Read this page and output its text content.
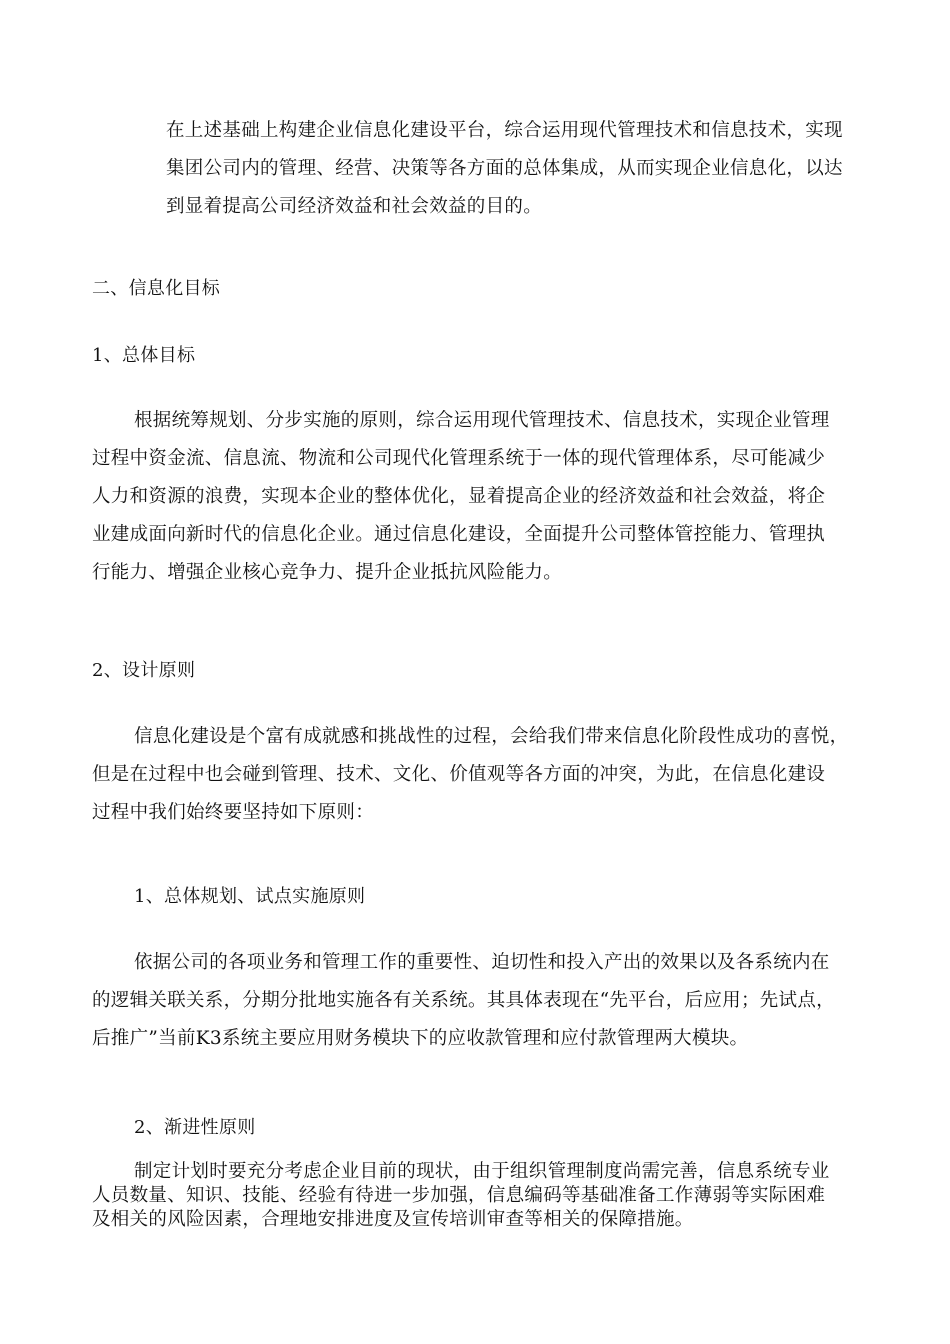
在上述基础上构建企业信息化建设平台，综合运用现代管理技术和信息技术，实现
集团公司内的管理、经营、决策等各方面的总体集成，从而实现企业信息化，以达
到显着提高公司经济效益和社会效益的目的。
二、信息化目标
1、总体目标
根据统筹规划、分步实施的原则，综合运用现代管理技术、信息技术，实现企业管理
过程中资金流、信息流、物流和公司现代化管理系统于一体的现代管理体系，尽可能减少
人力和资源的浪费，实现本企业的整体优化，显着提高企业的经济效益和社会效益，将企
业建成面向新时代的信息化企业。通过信息化建设，全面提升公司整体管控能力、管理执
行能力、增强企业核心竞争力、提升企业抵抗风险能力。
2、设计原则
信息化建设是个富有成就感和挑战性的过程，会给我们带来信息化阶段性成功的喜悦，
但是在过程中也会碰到管理、技术、文化、价值观等各方面的冲突，为此，在信息化建设
过程中我们始终要坚持如下原则：
1、总体规划、试点实施原则
依据公司的各项业务和管理工作的重要性、迫切性和投入产出的效果以及各系统内在
的逻辑关联关系，分期分批地实施各有关系统。其具体表现在“先平台，后应用；先试点，
后推广”当前K3系统主要应用财务模块下的应收款管理和应付款管理两大模块。
2、渐进性原则
制定计划时要充分考虑企业目前的现状，由于组织管理制度尚需完善，信息系统专业
人员数量、知识、技能、经验有待进一步加强，信息编码等基础准备工作薄弱等实际困难
及相关的风险因素，合理地安排进度及宣传培训审查等相关的保障措施。
